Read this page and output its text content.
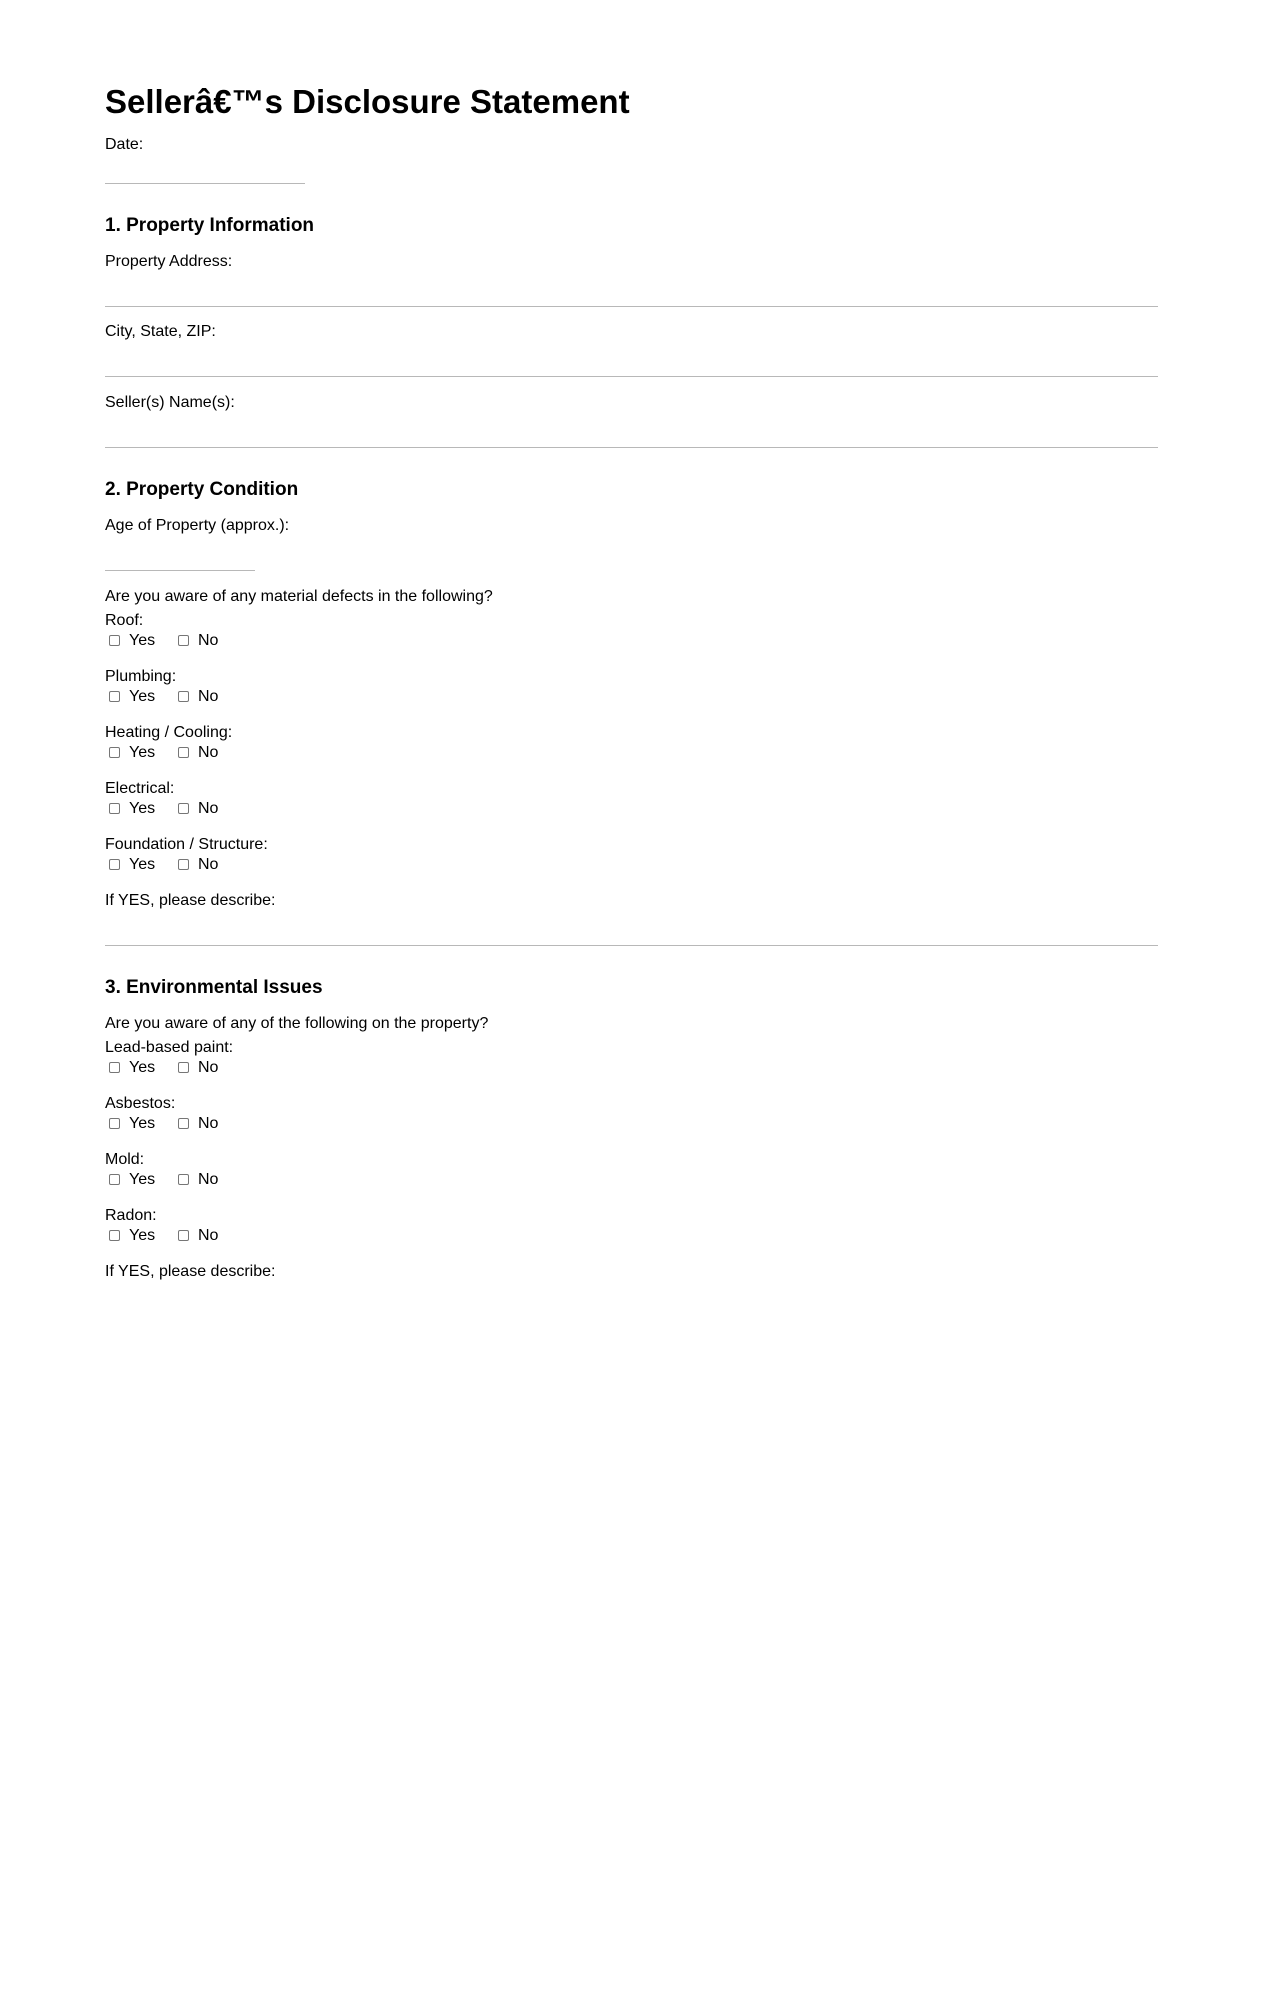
Sellerâ€™s Disclosure Statement
Date:
1. Property Information
Property Address:
City, State, ZIP:
Seller(s) Name(s):
2. Property Condition
Age of Property (approx.):
Are you aware of any material defects in the following?
Roof:
Yes	No
Plumbing:
Yes	No
Heating / Cooling:
Yes	No
Electrical:
Yes	No
Foundation / Structure:
Yes	No
If YES, please describe:
3. Environmental Issues
Are you aware of any of the following on the property?
Lead-based paint:
Yes	No
Asbestos:
Yes	No
Mold:
Yes	No
Radon:
Yes	No
If YES, please describe:
